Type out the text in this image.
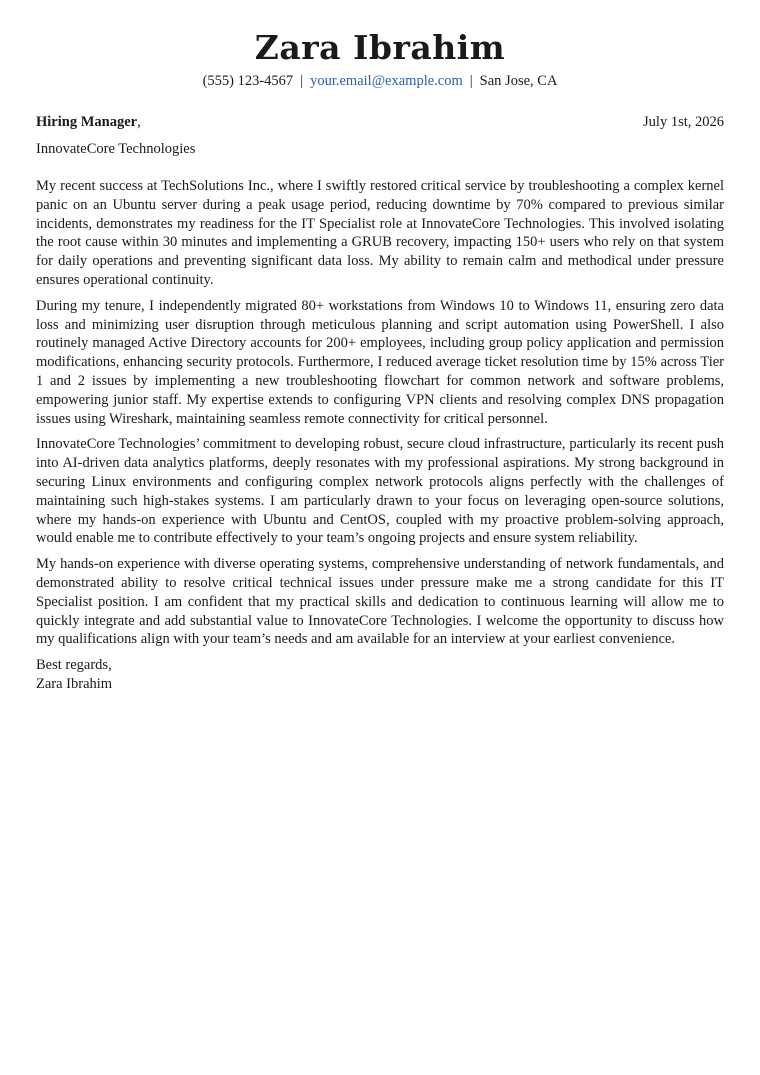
Zara Ibrahim
(555) 123-4567 | your.email@example.com | San Jose, CA
Hiring Manager,	July 1st, 2026
InnovateCore Technologies

My recent success at TechSolutions Inc., where I swiftly restored critical service by troubleshooting a complex kernel panic on an Ubuntu server during a peak usage period, reducing downtime by 70% compared to previous similar incidents, demonstrates my readiness for the IT Specialist role at InnovateCore Technologies. This involved isolating the root cause within 30 minutes and implementing a GRUB recovery, impacting 150+ users who rely on that system for daily operations and preventing significant data loss. My ability to remain calm and methodical under pressure ensures operational continuity.

During my tenure, I independently migrated 80+ workstations from Windows 10 to Windows 11, ensuring zero data loss and minimizing user disruption through meticulous planning and script automation using PowerShell. I also routinely managed Active Directory accounts for 200+ employees, including group policy application and permission modifications, enhancing security protocols. Furthermore, I reduced average ticket resolution time by 15% across Tier 1 and 2 issues by implementing a new troubleshooting flowchart for common network and software problems, empowering junior staff. My expertise extends to configuring VPN clients and resolving complex DNS propagation issues using Wireshark, maintaining seamless remote connectivity for critical personnel.

InnovateCore Technologies’ commitment to developing robust, secure cloud infrastructure, particularly its recent push into AI-driven data analytics platforms, deeply resonates with my professional aspirations. My strong background in securing Linux environments and configuring complex network protocols aligns perfectly with the challenges of maintaining such high-stakes systems. I am particularly drawn to your focus on leveraging open-source solutions, where my hands-on experience with Ubuntu and CentOS, coupled with my proactive problem-solving approach, would enable me to contribute effectively to your team’s ongoing projects and ensure system reliability.

My hands-on experience with diverse operating systems, comprehensive understanding of network fundamentals, and demonstrated ability to resolve critical technical issues under pressure make me a strong candidate for this IT Specialist position. I am confident that my practical skills and dedication to continuous learning will allow me to quickly integrate and add substantial value to InnovateCore Technologies. I welcome the opportunity to discuss how my qualifications align with your team’s needs and am available for an interview at your earliest convenience.

Best regards,
Zara Ibrahim
